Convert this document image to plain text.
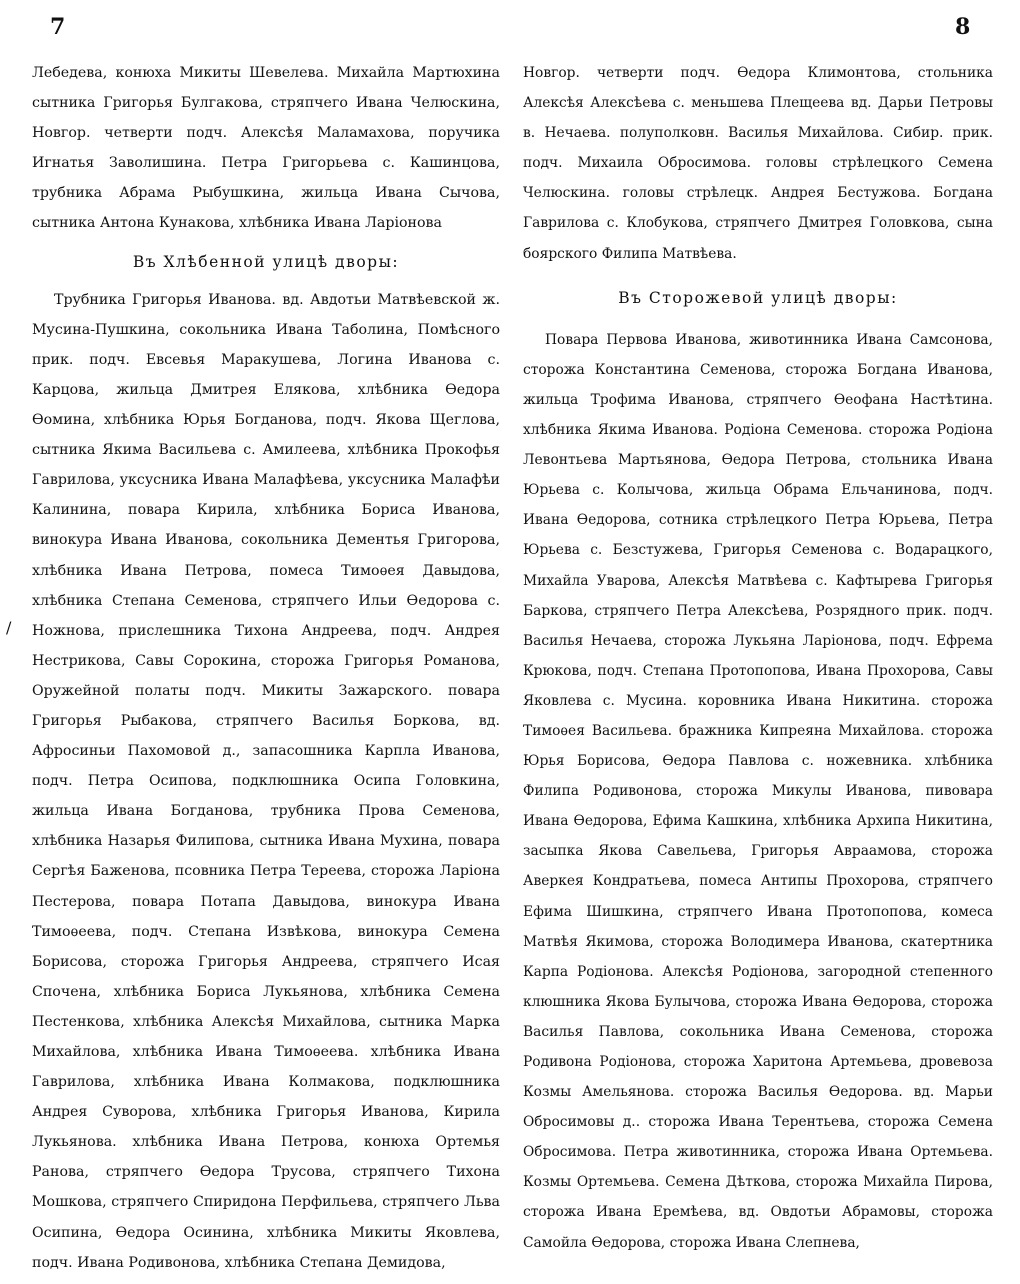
7	8
/

Лебедева, конюха Микиты Шевелева. Михайла Мартюхина сытника Григорья Булгакова, стряпчего Ивана Челюскина, Новгор. четверти подч. Алексѣя Маламахова, поручика Игнатья Заволишина. Петра Григорьева с. Кашинцова, трубника Абрама Рыбушкина, жильца Ивана Сычова, сытника Антона Кунакова, хлѣбника Ивана Ларіонова

Въ Хлѣбенной улицѣ дворы:

Трубника Григорья Иванова. вд. Авдотьи Матвѣевской ж. Мусина-Пушкина, сокольника Ивана Таболина, Помѣсного прик. подч. Евсевья Маракушева, Логина Иванова с. Карцова, жильца Дмитрея Елякова, хлѣбника Өедора Өомина, хлѣбника Юрья Богданова, подч. Якова Щеглова, сытника Якима Васильева с. Амилеева, хлѣбника Прокофья Гаврилова, уксусника Ивана Малафѣева, уксусника Малафѣи Калинина, повара Кирила, хлѣбника Бориса Иванова, винокура Ивана Иванова, сокольника Дементья Григорова, хлѣбника Ивана Петрова, помеса Тимоѳея Давыдова, хлѣбника Степана Семенова, стряпчего Ильи Өедорова с. Ножнова, прислешника Тихона Андреева, подч. Андрея Нестрикова, Савы Сорокина, сторожа Григорья Романова, Оружейной полаты подч. Микиты Зажарского. повара Григорья Рыбакова, стряпчего Василья Боркова, вд. Афросиньи Пахомовой д., запасошника Карпла Иванова, подч. Петра Осипова, подклюшника Осипа Головкина, жильца Ивана Богданова, трубника Прова Семенова, хлѣбника Назарья Филипова, сытника Ивана Мухина, повара Сергѣя Баженова, псовника Петра Тереева, сторожа Ларіона Пестерова, повара Потапа Давыдова, винокура Ивана Тимоѳеева, подч. Степана Извѣкова, винокура Семена Борисова, сторожа Григорья Андреева, стряпчего Исая Спочена, хлѣбника Бориса Лукьянова, хлѣбника Семена Пестенкова, хлѣбника Алексѣя Михайлова, сытника Марка Михайлова, хлѣбника Ивана Тимоѳеева. хлѣбника Ивана Гаврилова, хлѣбника Ивана Колмакова, подклюшника Андрея Суворова, хлѣбника Григорья Иванова, Кирила Лукьянова. хлѣбника Ивана Петрова, конюха Ортемья Ранова, стряпчего Өедора Трусова, стряпчего Тихона Мошкова, стряпчего Спиридона Перфильева, стряпчего Льва Осипина, Өедора Осинина, хлѣбника Микиты Яковлева, подч. Ивана Родивонова, хлѣбника Степана Демидова,

Новгор. четверти подч. Өедора Климонтова, стольника Алексѣя Алексѣева с. меньшева Плещеева вд. Дарьи Петровы в. Нечаева. полуполковн. Василья Михайлова. Сибир. прик. подч. Михаила Обросимова. головы стрѣлецкого Семена Челюскина. головы стрѣлецк. Андрея Бестужова. Богдана Гаврилова с. Клобукова, стряпчего Дмитрея Головкова, сына боярского Филипа Матвѣева.

Въ Сторожевой улицѣ дворы:

Повара Первова Иванова, животинника Ивана Самсонова, сторожа Константина Семенова, сторожа Богдана Иванова, жильца Трофима Иванова, стряпчего Өеофана Настѣтина. хлѣбника Якима Иванова. Родіона Семенова. сторожа Родіона Левонтьева Мартьянова, Өедора Петрова, стольника Ивана Юрьева с. Колычова, жильца Обрама Ельчанинова, подч. Ивана Өедорова, сотника стрѣлецкого Петра Юрьева, Петра Юрьева с. Безстужева, Григорья Семенова с. Водарацкого, Михайла Уварова, Алексѣя Матвѣева с. Кафтырева Григорья Баркова, стряпчего Петра Алексѣева, Розрядного прик. подч. Василья Нечаева, сторожа Лукьяна Ларіонова, подч. Ефрема Крюкова, подч. Степана Протопопова, Ивана Прохорова, Савы Яковлева с. Мусина. коровника Ивана Никитина. сторожа Тимоѳея Васильева. бражника Кипреяна Михайлова. сторожа Юрья Борисова, Өедора Павлова с. ножевника. хлѣбника Филипа Родивонова, сторожа Микулы Иванова, пивовара Ивана Өедорова, Ефима Кашкина, хлѣбника Архипа Никитина, засыпка Якова Савельева, Григорья Авраамова, сторожа Аверкея Кондратьева, помеса Антипы Прохорова, стряпчего Ефима Шишкина, стряпчего Ивана Протопопова, комеса Матвѣя Якимова, сторожа Володимера Иванова, скатертника Карпа Родіонова. Алексѣя Родіонова, загородной степенного клюшника Якова Булычова, сторожа Ивана Өедорова, сторожа Василья Павлова, сокольника Ивана Семенова, сторожа Родивона Родіонова, сторожа Харитона Артемьева, дровевоза Козмы Амельянова. сторожа Василья Өедорова. вд. Марьи Обросимовы д.. сторожа Ивана Терентьева, сторожа Семена Обросимова. Петра животинника, сторожа Ивана Ортемьева. Козмы Ортемьева. Семена Дѣткова, сторожа Михайла Пирова, сторожа Ивана Еремѣева, вд. Овдотьи Абрамовы, сторожа Самойла Өедорова, сторожа Ивана Слепнева,
